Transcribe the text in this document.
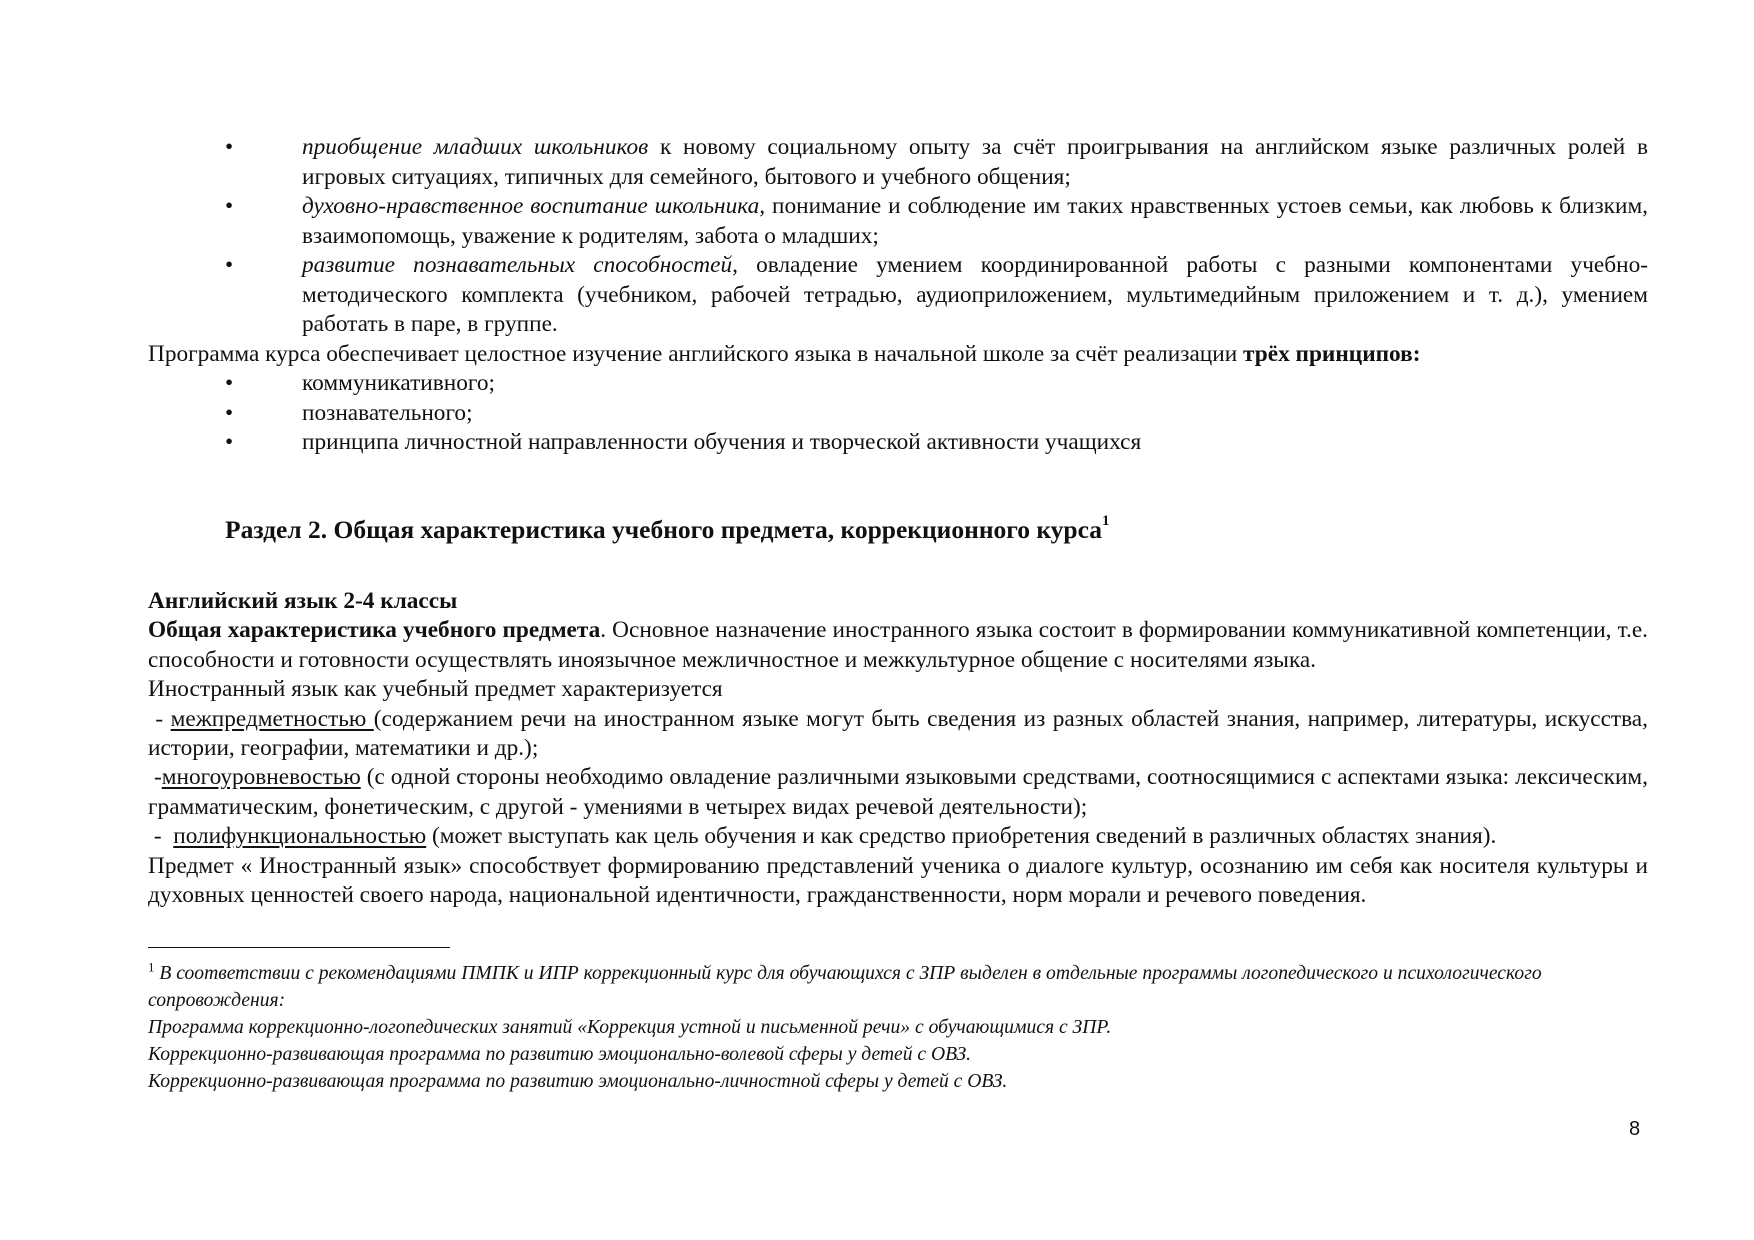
•	приобщение младших школьников к новому социальному опыту за счёт проигрывания на английском языке различных ролей в игровых ситуациях, типичных для семейного, бытового и учебного общения;
•	духовно-нравственное воспитание школьника, понимание и соблюдение им таких нравственных устоев семьи, как любовь к близким, взаимопомощь, уважение к родителям, забота о младших;
•	развитие познавательных способностей, овладение умением координированной работы с разными компонентами учебно-методического комплекта (учебником, рабочей тетрадью, аудиоприложением, мультимедийным приложением и т. д.), умением работать в паре, в группе.

Программа курса обеспечивает целостное изучение английского языка в начальной школе за счёт реализации трёх принципов:

•	коммуникативного;
•	познавательного;
•	принципа личностной направленности обучения и творческой активности учащихся
Раздел 2. Общая характеристика учебного предмета, коррекционного курса$^1$

Английский язык 2-4 классы

Общая характеристика учебного предмета. Основное назначение иностранного языка состоит в формировании коммуникативной компетенции, т.е. способности и готовности осуществлять иноязычное межличностное и межкультурное общение с носителями языка.

Иностранный язык как учебный предмет характеризуется

- межпредметностью (содержанием речи на иностранном языке могут быть сведения из разных областей знания, например, литературы, искусства, истории, географии, математики и др.);

-многоуровневостью (с одной стороны необходимо овладение различными языковыми средствами, соотносящимися с аспектами языка: лексическим, грамматическим, фонетическим, с другой - умениями в четырех видах речевой деятельности);

-  полифункциональностью (может выступать как цель обучения и как средство приобретения сведений в различных областях знания).

Предмет « Иностранный язык» способствует формированию представлений ученика о диалоге культур, осознанию им себя как носителя культуры и духовных ценностей своего народа, национальной идентичности, гражданственности, норм морали и речевого поведения.

$^1$ В соответствии с рекомендациями ПМПК и ИПР коррекционный курс для обучающихся с ЗПР выделен в отдельные программы логопедического и психологического сопровождения:

Программа коррекционно-логопедических занятий «Коррекция устной и письменной речи» с обучающимися с ЗПР.

Коррекционно-развивающая программа по развитию эмоционально-волевой сферы у детей с ОВЗ.

Коррекционно-развивающая программа по развитию эмоционально-личностной сферы у детей с ОВЗ.

8
